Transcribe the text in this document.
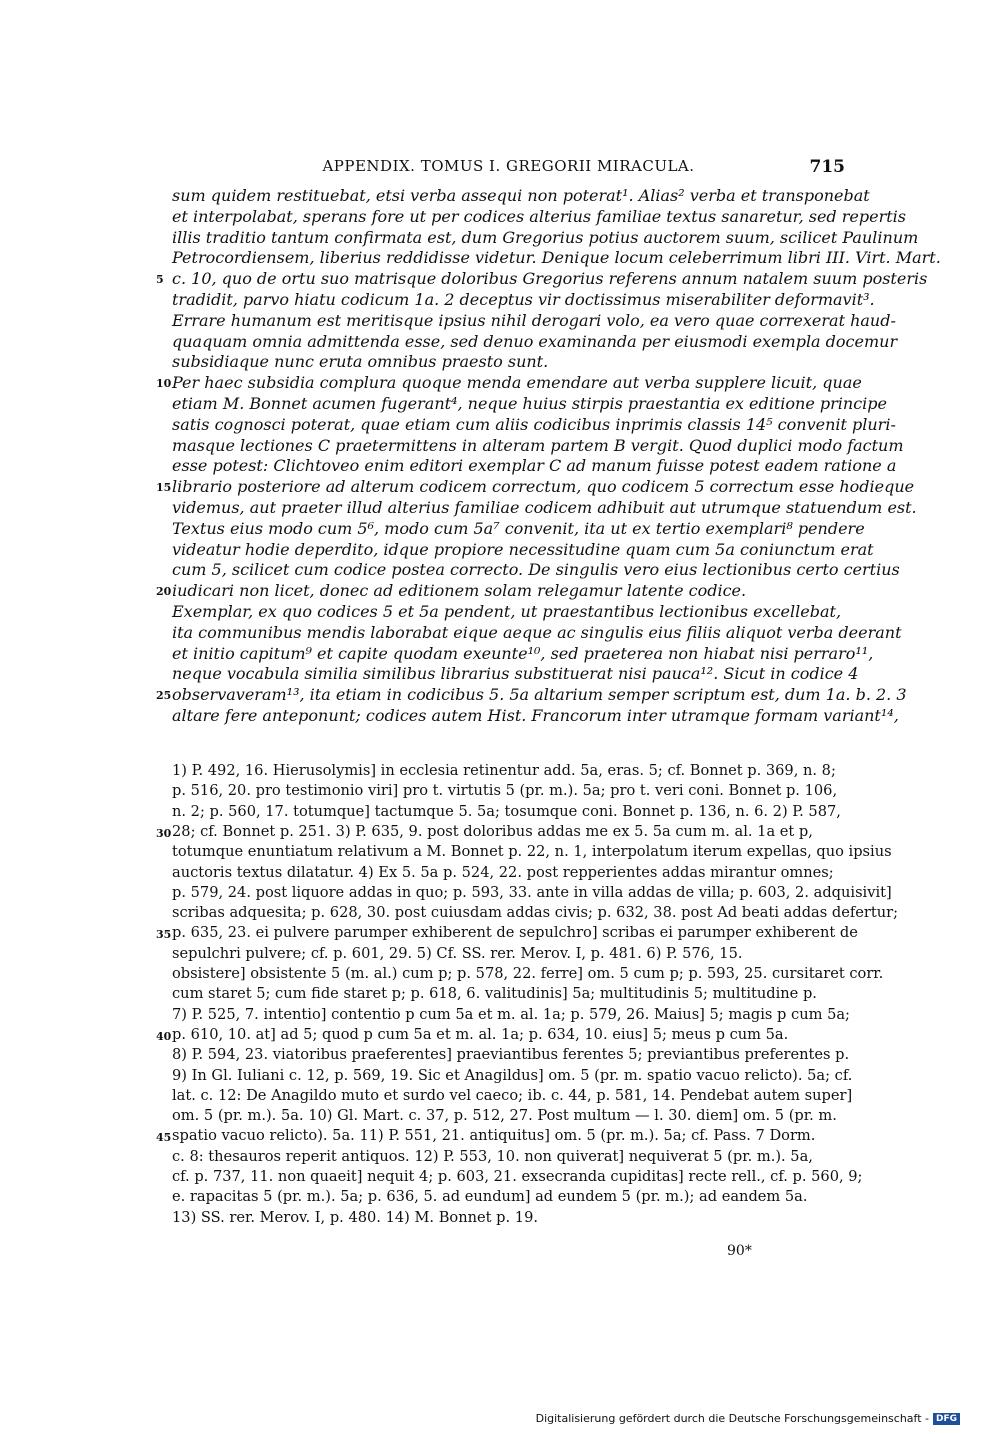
APPENDIX. TOMUS I. GREGORII MIRACULA.	715
sum quidem restituebat, etsi verba assequi non poterat¹. Alias² verba et transponebat
et interpolabat, sperans fore ut per codices alterius familiae textus sanaretur, sed repertis
illis traditio tantum confirmata est, dum Gregorius potius auctorem suum, scilicet Paulinum
Petrocordiensem, liberius reddidisse videtur. Denique locum celeberrimum libri III. Virt. Mart.
c. 10, quo de ortu suo matrisque doloribus Gregorius referens annum natalem suum posteris
tradidit, parvo hiatu codicum 1a. 2 deceptus vir doctissimus miserabiliter deformavit³.
Errare humanum est meritisque ipsius nihil derogari volo, ea vero quae correxerat haud-
quaquam omnia admittenda esse, sed denuo examinanda per eiusmodi exempla docemur
subsidiaque nunc eruta omnibus praesto sunt.
Per haec subsidia complura quoque menda emendare aut verba supplere licuit, quae
etiam M. Bonnet acumen fugerant⁴, neque huius stirpis praestantia ex editione principe
satis cognosci poterat, quae etiam cum aliis codicibus inprimis classis 14⁵ convenit pluri-
masque lectiones C praetermittens in alteram partem B vergit. Quod duplici modo factum
esse potest: Clichtoveo enim editori exemplar C ad manum fuisse potest eadem ratione a
librario posteriore ad alterum codicem correctum, quo codicem 5 correctum esse hodieque
videmus, aut praeter illud alterius familiae codicem adhibuit aut utrumque statuendum est.
Textus eius modo cum 5⁶, modo cum 5a⁷ convenit, ita ut ex tertio exemplari⁸ pendere
videatur hodie deperdito, idque propiore necessitudine quam cum 5a coniunctum erat
cum 5, scilicet cum codice postea correcto. De singulis vero eius lectionibus certo certius
iudicari non licet, donec ad editionem solam relegamur latente codice.
Exemplar, ex quo codices 5 et 5a pendent, ut praestantibus lectionibus excellebat,
ita communibus mendis laborabat eique aeque ac singulis eius filiis aliquot verba deerant
et initio capitum⁹ et capite quodam exeunte¹⁰, sed praeterea non hiabat nisi perraro¹¹,
neque vocabula similia similibus librarius substituerat nisi pauca¹². Sicut in codice 4
observaveram¹³, ita etiam in codicibus 5. 5a altarium semper scriptum est, dum 1a. b. 2. 3
altare fere anteponunt; codices autem Hist. Francorum inter utramque formam variant¹⁴,
5
10
15
20
25
1) P. 492, 16. Hierusolymis] in ecclesia retinentur add. 5a, eras. 5; cf. Bonnet p. 369, n. 8;
p. 516, 20. pro testimonio viri] pro t. virtutis 5 (pr. m.). 5a; pro t. veri coni. Bonnet p. 106,
n. 2; p. 560, 17. totumque] tactumque 5. 5a; tosumque coni. Bonnet p. 136, n. 6. 2) P. 587,
28; cf. Bonnet p. 251. 3) P. 635, 9. post doloribus addas me ex 5. 5a cum m. al. 1a et p,
totumque enuntiatum relativum a M. Bonnet p. 22, n. 1, interpolatum iterum expellas, quo ipsius
auctoris textus dilatatur. 4) Ex 5. 5a p. 524, 22. post repperientes addas mirantur omnes;
p. 579, 24. post liquore addas in quo; p. 593, 33. ante in villa addas de villa; p. 603, 2. adquisivit]
scribas adquesita; p. 628, 30. post cuiusdam addas civis; p. 632, 38. post Ad beati addas defertur;
p. 635, 23. ei pulvere parumper exhiberent de sepulchro] scribas ei parumper exhiberent de
sepulchri pulvere; cf. p. 601, 29. 5) Cf. SS. rer. Merov. I, p. 481. 6) P. 576, 15.
obsistere] obsistente 5 (m. al.) cum p; p. 578, 22. ferre] om. 5 cum p; p. 593, 25. cursitaret corr.
cum staret 5; cum fide staret p; p. 618, 6. valitudinis] 5a; multitudinis 5; multitudine p.
7) P. 525, 7. intentio] contentio p cum 5a et m. al. 1a; p. 579, 26. Maius] 5; magis p cum 5a;
p. 610, 10. at] ad 5; quod p cum 5a et m. al. 1a; p. 634, 10. eius] 5; meus p cum 5a.
8) P. 594, 23. viatoribus praeferentes] praeviantibus ferentes 5; previantibus preferentes p.
9) In Gl. Iuliani c. 12, p. 569, 19. Sic et Anagildus] om. 5 (pr. m. spatio vacuo relicto). 5a; cf.
lat. c. 12: De Anagildo muto et surdo vel caeco; ib. c. 44, p. 581, 14. Pendebat autem super]
om. 5 (pr. m.). 5a. 10) Gl. Mart. c. 37, p. 512, 27. Post multum — l. 30. diem] om. 5 (pr. m.
spatio vacuo relicto). 5a. 11) P. 551, 21. antiquitus] om. 5 (pr. m.). 5a; cf. Pass. 7 Dorm.
c. 8: thesauros reperit antiquos. 12) P. 553, 10. non quiverat] nequiverat 5 (pr. m.). 5a,
cf. p. 737, 11. non quaeit] nequit 4; p. 603, 21. exsecranda cupiditas] recte rell., cf. p. 560, 9;
e. rapacitas 5 (pr. m.). 5a; p. 636, 5. ad eundum] ad eundem 5 (pr. m.); ad eandem 5a.
13) SS. rer. Merov. I, p. 480. 14) M. Bonnet p. 19.
30
35
40
45
90*
Digitalisierung gefördert durch die Deutsche Forschungsgemeinschaft - DFG
